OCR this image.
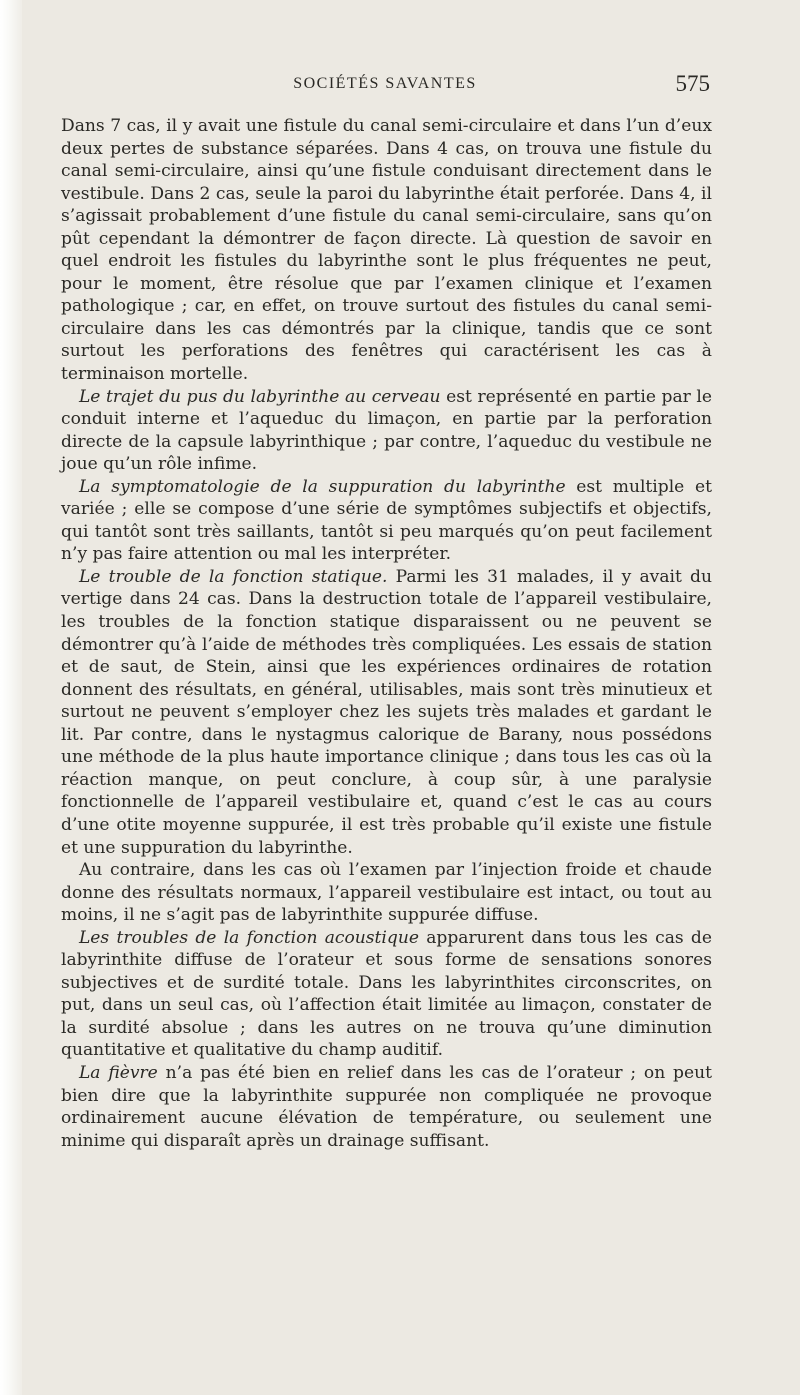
SOCIÉTÉS SAVANTES	575

Dans 7 cas, il y avait une fistule du canal semi-circulaire et dans l’un d’eux deux pertes de substance séparées. Dans 4 cas, on trouva une fistule du canal semi-circulaire, ainsi qu’une fistule conduisant directement dans le vestibule. Dans 2 cas, seule la paroi du labyrinthe était perforée. Dans 4, il s’agissait probablement d’une fistule du canal semi-circulaire, sans qu’on pût cependant la démontrer de façon directe. Là question de savoir en quel endroit les fistules du labyrinthe sont le plus fréquentes ne peut, pour le moment, être résolue que par l’examen clinique et l’examen pathologique ; car, en effet, on trouve surtout des fistules du canal semi-circulaire dans les cas démontrés par la clinique, tandis que ce sont surtout les perforations des fenêtres qui caractérisent les cas à terminaison mortelle.

Le trajet du pus du labyrinthe au cerveau est représenté en partie par le conduit interne et l’aqueduc du limaçon, en partie par la perforation directe de la capsule labyrinthique ; par contre, l’aqueduc du vestibule ne joue qu’un rôle infime.

La symptomatologie de la suppuration du labyrinthe est multiple et variée ; elle se compose d’une série de symptômes subjectifs et objectifs, qui tantôt sont très saillants, tantôt si peu marqués qu’on peut facilement n’y pas faire attention ou mal les interpréter.

Le trouble de la fonction statique. Parmi les 31 malades, il y avait du vertige dans 24 cas. Dans la destruction totale de l’appareil vestibulaire, les troubles de la fonction statique disparaissent ou ne peuvent se démontrer qu’à l’aide de méthodes très compliquées. Les essais de station et de saut, de Stein, ainsi que les expériences ordinaires de rotation donnent des résultats, en général, utilisables, mais sont très minutieux et surtout ne peuvent s’employer chez les sujets très malades et gardant le lit. Par contre, dans le nystagmus calorique de Barany, nous possédons une méthode de la plus haute importance clinique ; dans tous les cas où la réaction manque, on peut conclure, à coup sûr, à une paralysie fonctionnelle de l’appareil vestibulaire et, quand c’est le cas au cours d’une otite moyenne suppurée, il est très probable qu’il existe une fistule et une suppuration du labyrinthe.

Au contraire, dans les cas où l’examen par l’injection froide et chaude donne des résultats normaux, l’appareil vestibulaire est intact, ou tout au moins, il ne s’agit pas de labyrinthite suppurée diffuse.

Les troubles de la fonction acoustique apparurent dans tous les cas de labyrinthite diffuse de l’orateur et sous forme de sensations sonores subjectives et de surdité totale. Dans les labyrinthites circonscrites, on put, dans un seul cas, où l’affection était limitée au limaçon, constater de la surdité absolue ; dans les autres on ne trouva qu’une diminution quantitative et qualitative du champ auditif.

La fièvre n’a pas été bien en relief dans les cas de l’orateur ; on peut bien dire que la labyrinthite suppurée non compliquée ne provoque ordinairement aucune élévation de température, ou seulement une minime qui disparaît après un drainage suffisant.
